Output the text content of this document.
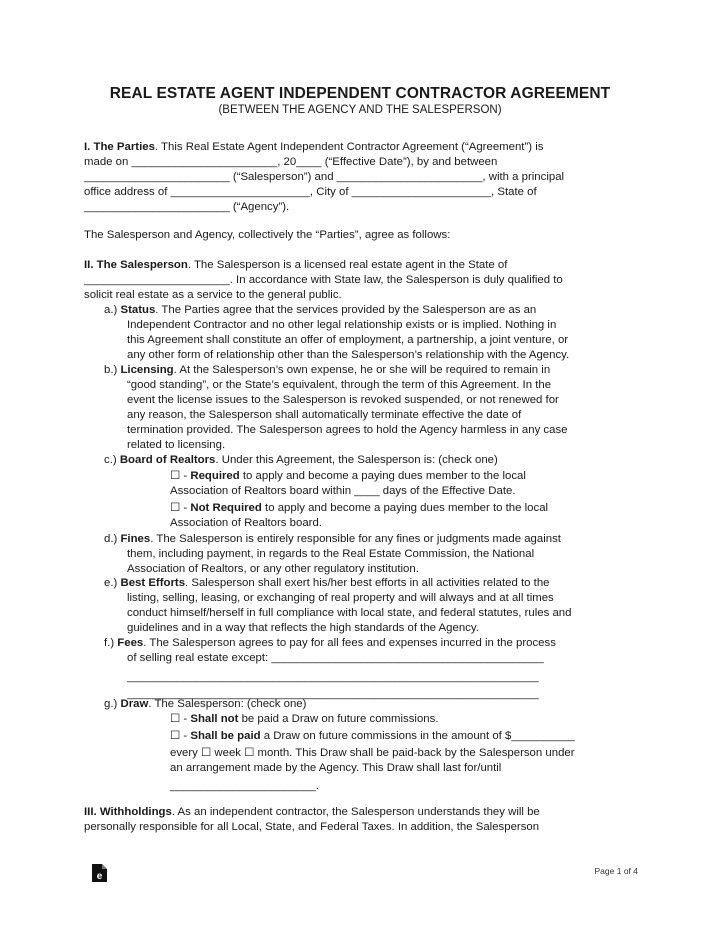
REAL ESTATE AGENT INDEPENDENT CONTRACTOR AGREEMENT
(BETWEEN THE AGENCY AND THE SALESPERSON)
I. The Parties. This Real Estate Agent Independent Contractor Agreement (“Agreement”) is
made on _______________________, 20____ (“Effective Date”), by and between
_______________________ (“Salesperson”) and _______________________, with a principal
office address of ______________________, City of ______________________, State of
_______________________ (“Agency”).
The Salesperson and Agency, collectively the “Parties”, agree as follows:
II. The Salesperson. The Salesperson is a licensed real estate agent in the State of
_______________________. In accordance with State law, the Salesperson is duly qualified to
solicit real estate as a service to the general public.
a.) Status. The Parties agree that the services provided by the Salesperson are as an
Independent Contractor and no other legal relationship exists or is implied. Nothing in
this Agreement shall constitute an offer of employment, a partnership, a joint venture, or
any other form of relationship other than the Salesperson’s relationship with the Agency.
b.) Licensing. At the Salesperson’s own expense, he or she will be required to remain in
“good standing”, or the State’s equivalent, through the term of this Agreement. In the
event the license issues to the Salesperson is revoked suspended, or not renewed for
any reason, the Salesperson shall automatically terminate effective the date of
termination provided. The Salesperson agrees to hold the Agency harmless in any case
related to licensing.
c.) Board of Realtors. Under this Agreement, the Salesperson is: (check one)
☐ - Required to apply and become a paying dues member to the local
Association of Realtors board within ____ days of the Effective Date.
☐ - Not Required to apply and become a paying dues member to the local
Association of Realtors board.
d.) Fines. The Salesperson is entirely responsible for any fines or judgments made against
them, including payment, in regards to the Real Estate Commission, the National
Association of Realtors, or any other regulatory institution.
e.) Best Efforts. Salesperson shall exert his/her best efforts in all activities related to the
listing, selling, leasing, or exchanging of real property and will always and at all times
conduct himself/herself in full compliance with local state, and federal statutes, rules and
guidelines and in a way that reflects the high standards of the Agency.
f.) Fees. The Salesperson agrees to pay for all fees and expenses incurred in the process
of selling real estate except: ___________________________________________
_________________________________________________________________
_________________________________________________________________
g.) Draw. The Salesperson: (check one)
☐ - Shall not be paid a Draw on future commissions.
☐ - Shall be paid a Draw on future commissions in the amount of $__________
every ☐ week ☐ month. This Draw shall be paid-back by the Salesperson under
an arrangement made by the Agency. This Draw shall last for/until
_______________________.
III. Withholdings. As an independent contractor, the Salesperson understands they will be
personally responsible for all Local, State, and Federal Taxes. In addition, the Salesperson
e	Page 1 of 4
